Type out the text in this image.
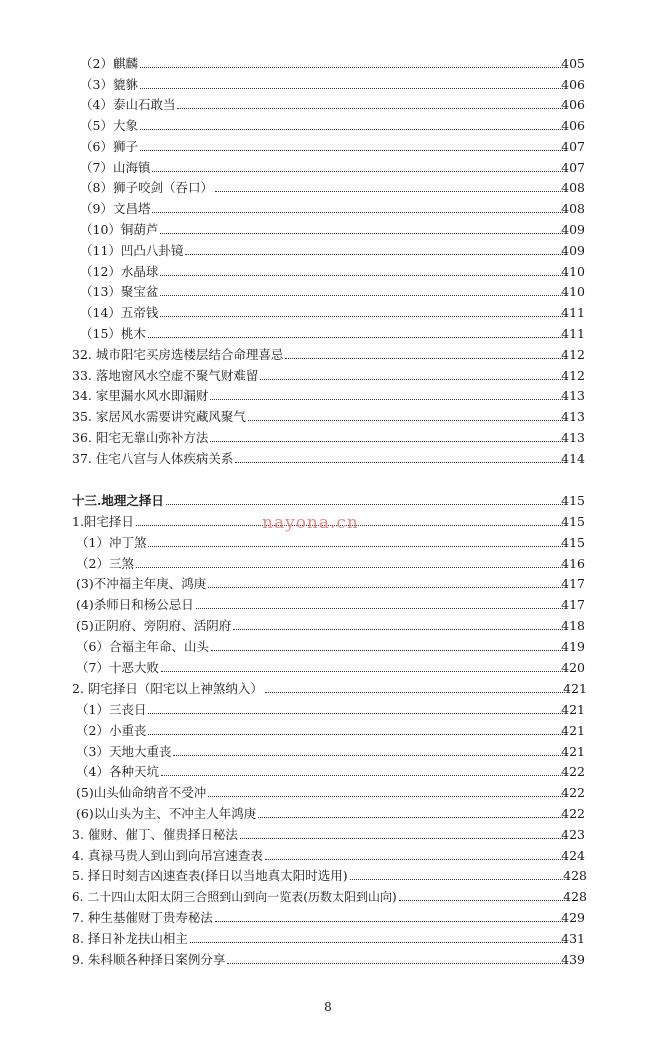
（2）麒麟	405
（3）貔貅	406
（4）泰山石敢当	406
（5）大象	406
（6）狮子	407
（7）山海镇	407
（8）狮子咬剑（吞口）	408
（9）文昌塔	408
（10）铜葫芦	409
（11）凹凸八卦镜	409
（12）水晶球	410
（13）聚宝盆	410
（14）五帝钱	411
（15）桃木	411
32. 城市阳宅买房选楼层结合命理喜忌	412
33. 落地窗风水空虚不聚气财难留	412
34. 家里漏水风水即漏财	413
35. 家居风水需要讲究藏风聚气	413
36. 阳宅无靠山弥补方法	413
37. 住宅八宫与人体疾病关系	414
十三.地理之择日	415
1.阳宅择日	415
（1）冲丁煞	415
（2）三煞	416
(3)不冲福主年庚、鸿庚	417
(4)杀师日和杨公忌日	417
(5)正阴府、旁阴府、活阴府	418
（6）合福主年命、山头	419
（7）十恶大败	420
2. 阴宅择日（阳宅以上神煞纳入）	421
（1）三丧日	421
（2）小重丧	421
（3）天地大重丧	421
（4）各种天坑	422
(5)山头仙命纳音不受冲	422
(6)以山头为主、不冲主人年鸿庚	422
3. 催财、催丁、催贵择日秘法	423
4. 真禄马贵人到山到向吊宫速查表	424
5. 择日时刻吉凶速查表(择日以当地真太阳时选用)	428
6. 二十四山太阳太阴三合照到山到向一览表(历数太阳到山向)	428
7. 种生基催财丁贵寿秘法	429
8. 择日补龙扶山相主	431
9. 朱科顺各种择日案例分享	439
nayona.cn
8
